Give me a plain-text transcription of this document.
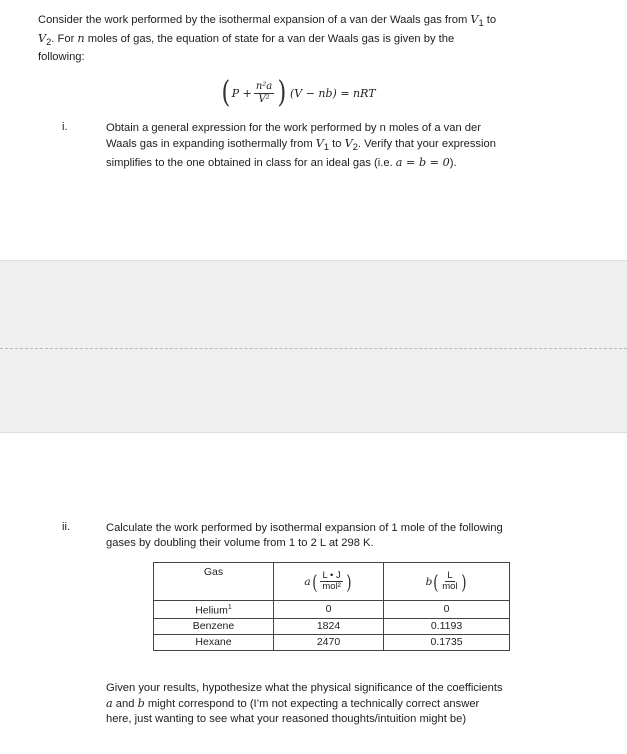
Consider the work performed by the isothermal expansion of a van der Waals gas from $V_1$ to
$V_2$. For n moles of gas, the equation of state for a van der Waals gas is given by the
following:
( $P + \frac{\text{n²a}}{\text{V²}}$ ) (V − nb) = nRT
i.	Obtain a general expression for the work performed by n moles of a van der
Waals gas in expanding isothermally from $V_1$ to $V_2$. Verify that your expression
simplifies to the one obtained in class for an ideal gas (i.e. a = b = 0).
ii.	Calculate the work performed by isothermal expansion of 1 mole of the following
gases by doubling their volume from 1 to 2 L at 298 K.
Gas	a ( $\frac{L • J}{\text{mol²}}$ )	b ( $\frac{L}{\text{mol}}$ )

Helium$^1$	0	0
Benzene	1824	0.1193
Hexane	2470	0.1735
Given your results, hypothesize what the physical significance of the coefficients
a and b might correspond to (I’m not expecting a technically correct answer
here, just wanting to see what your reasoned thoughts/intuition might be)
